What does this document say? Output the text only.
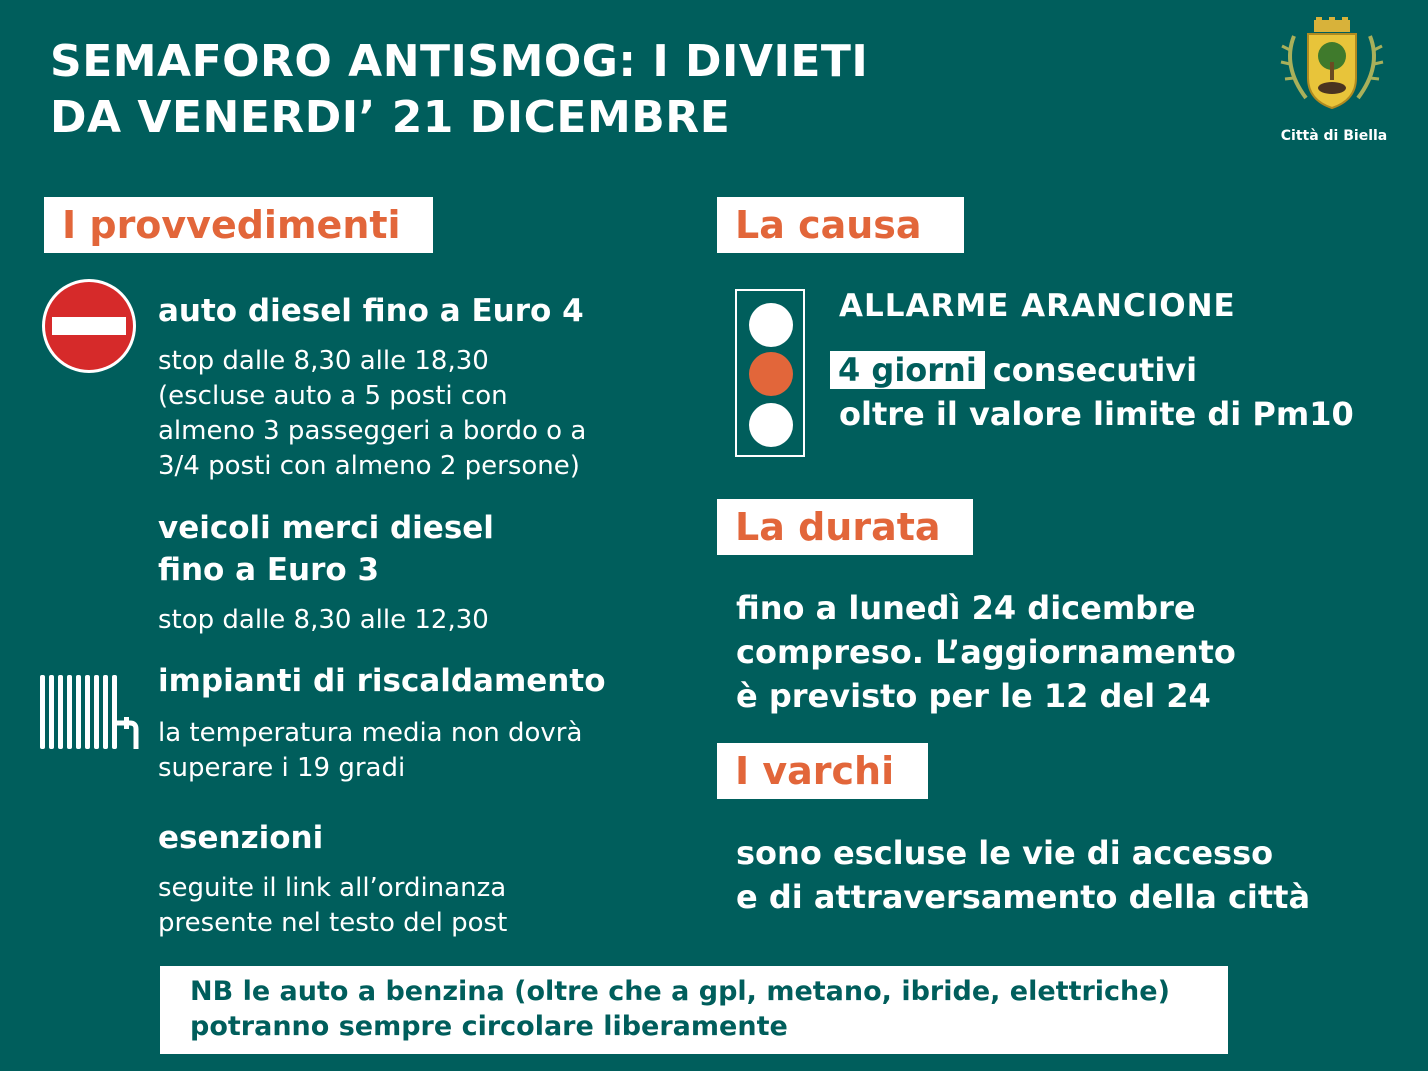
SEMAFORO ANTISMOG: I DIVIETI
DA VENERDI’ 21 DICEMBRE	Città di Biella
I provvedimenti
auto diesel fino a Euro 4
stop dalle 8,30 alle 18,30
(escluse auto a 5 posti con
almeno 3 passeggeri a bordo o a
3/4 posti con almeno 2 persone)
veicoli merci diesel
fino a Euro 3
stop dalle 8,30 alle 12,30
impianti di riscaldamento
la temperatura media non dovrà
superare i 19 gradi
esenzioni
seguite il link all’ordinanza
presente nel testo del post
La causa
ALLARME ARANCIONE
4 giorni consecutivi
oltre il valore limite di Pm10
La durata
fino a lunedì 24 dicembre
compreso. L’aggiornamento
è previsto per le 12 del 24
I varchi
sono escluse le vie di accesso
e di attraversamento della città
NB le auto a benzina (oltre che a gpl, metano, ibride, elettriche)
potranno sempre circolare liberamente
